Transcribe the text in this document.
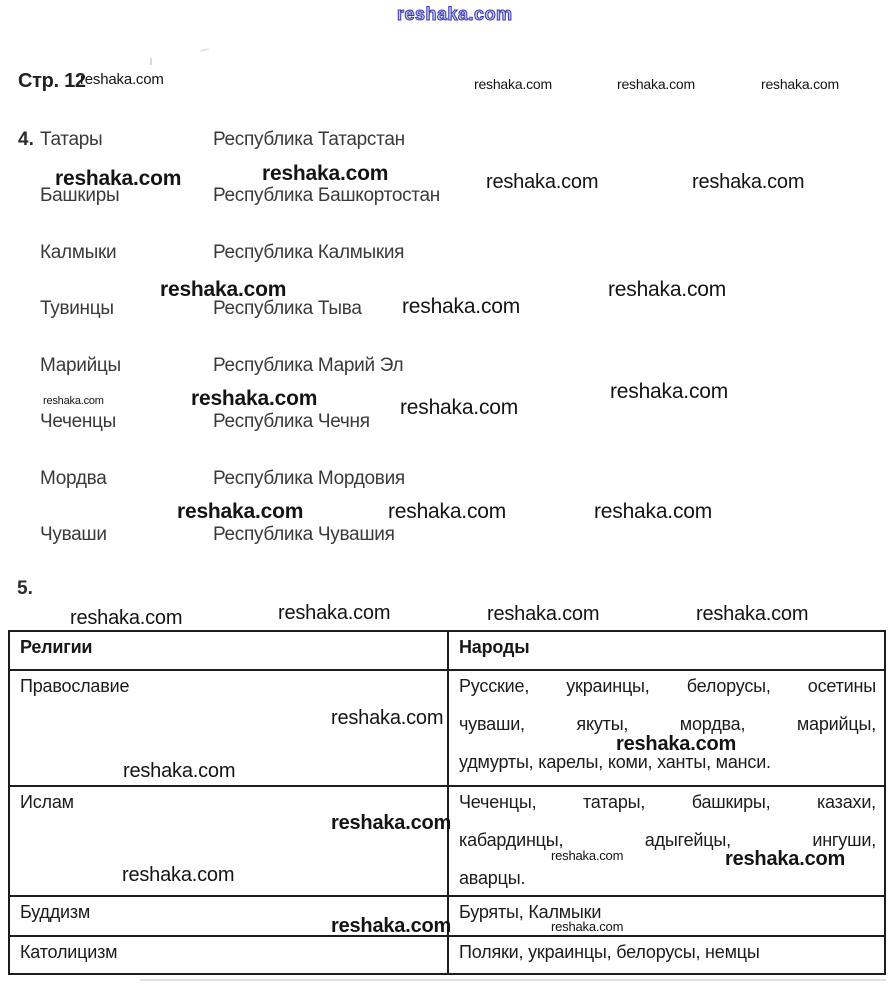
reshaka.com
Стр. 12
reshaka.com	reshaka.com	reshaka.com	reshaka.com
4. Татары	Республика Татарстан
Башкиры	Республика Башкортостан
Калмыки	Республика Калмыкия
Тувинцы	Республика Тыва
Марийцы	Республика Марий Эл
Чеченцы	Республика Чечня
Мордва	Республика Мордовия
Чуваши	Республика Чувашия
reshaka.com	reshaka.com	reshaka.com	reshaka.com
reshaka.com
reshaka.com
reshaka.com
reshaka.com	reshaka.com	reshaka.com
reshaka.com
reshaka.com	reshaka.com	reshaka.com
5.
reshaka.com	reshaka.com	reshaka.com	reshaka.com
Религии	Народы
Православие	Русские, украинцы, белорусы, осетины
чуваши, якуты, мордва, марийцы,
удмурты, карелы, коми, ханты, манси.
Ислам	Чеченцы, татары, башкиры, казахи,
кабардинцы, адыгейцы, ингуши,
аварцы.
Буддизм	Буряты, Калмыки
Католицизм	Поляки, украинцы, белорусы, немцы
reshaka.com
reshaka.com
reshaka.com
reshaka.com
reshaka.com	reshaka.com
reshaka.com
reshaka.com	reshaka.com
